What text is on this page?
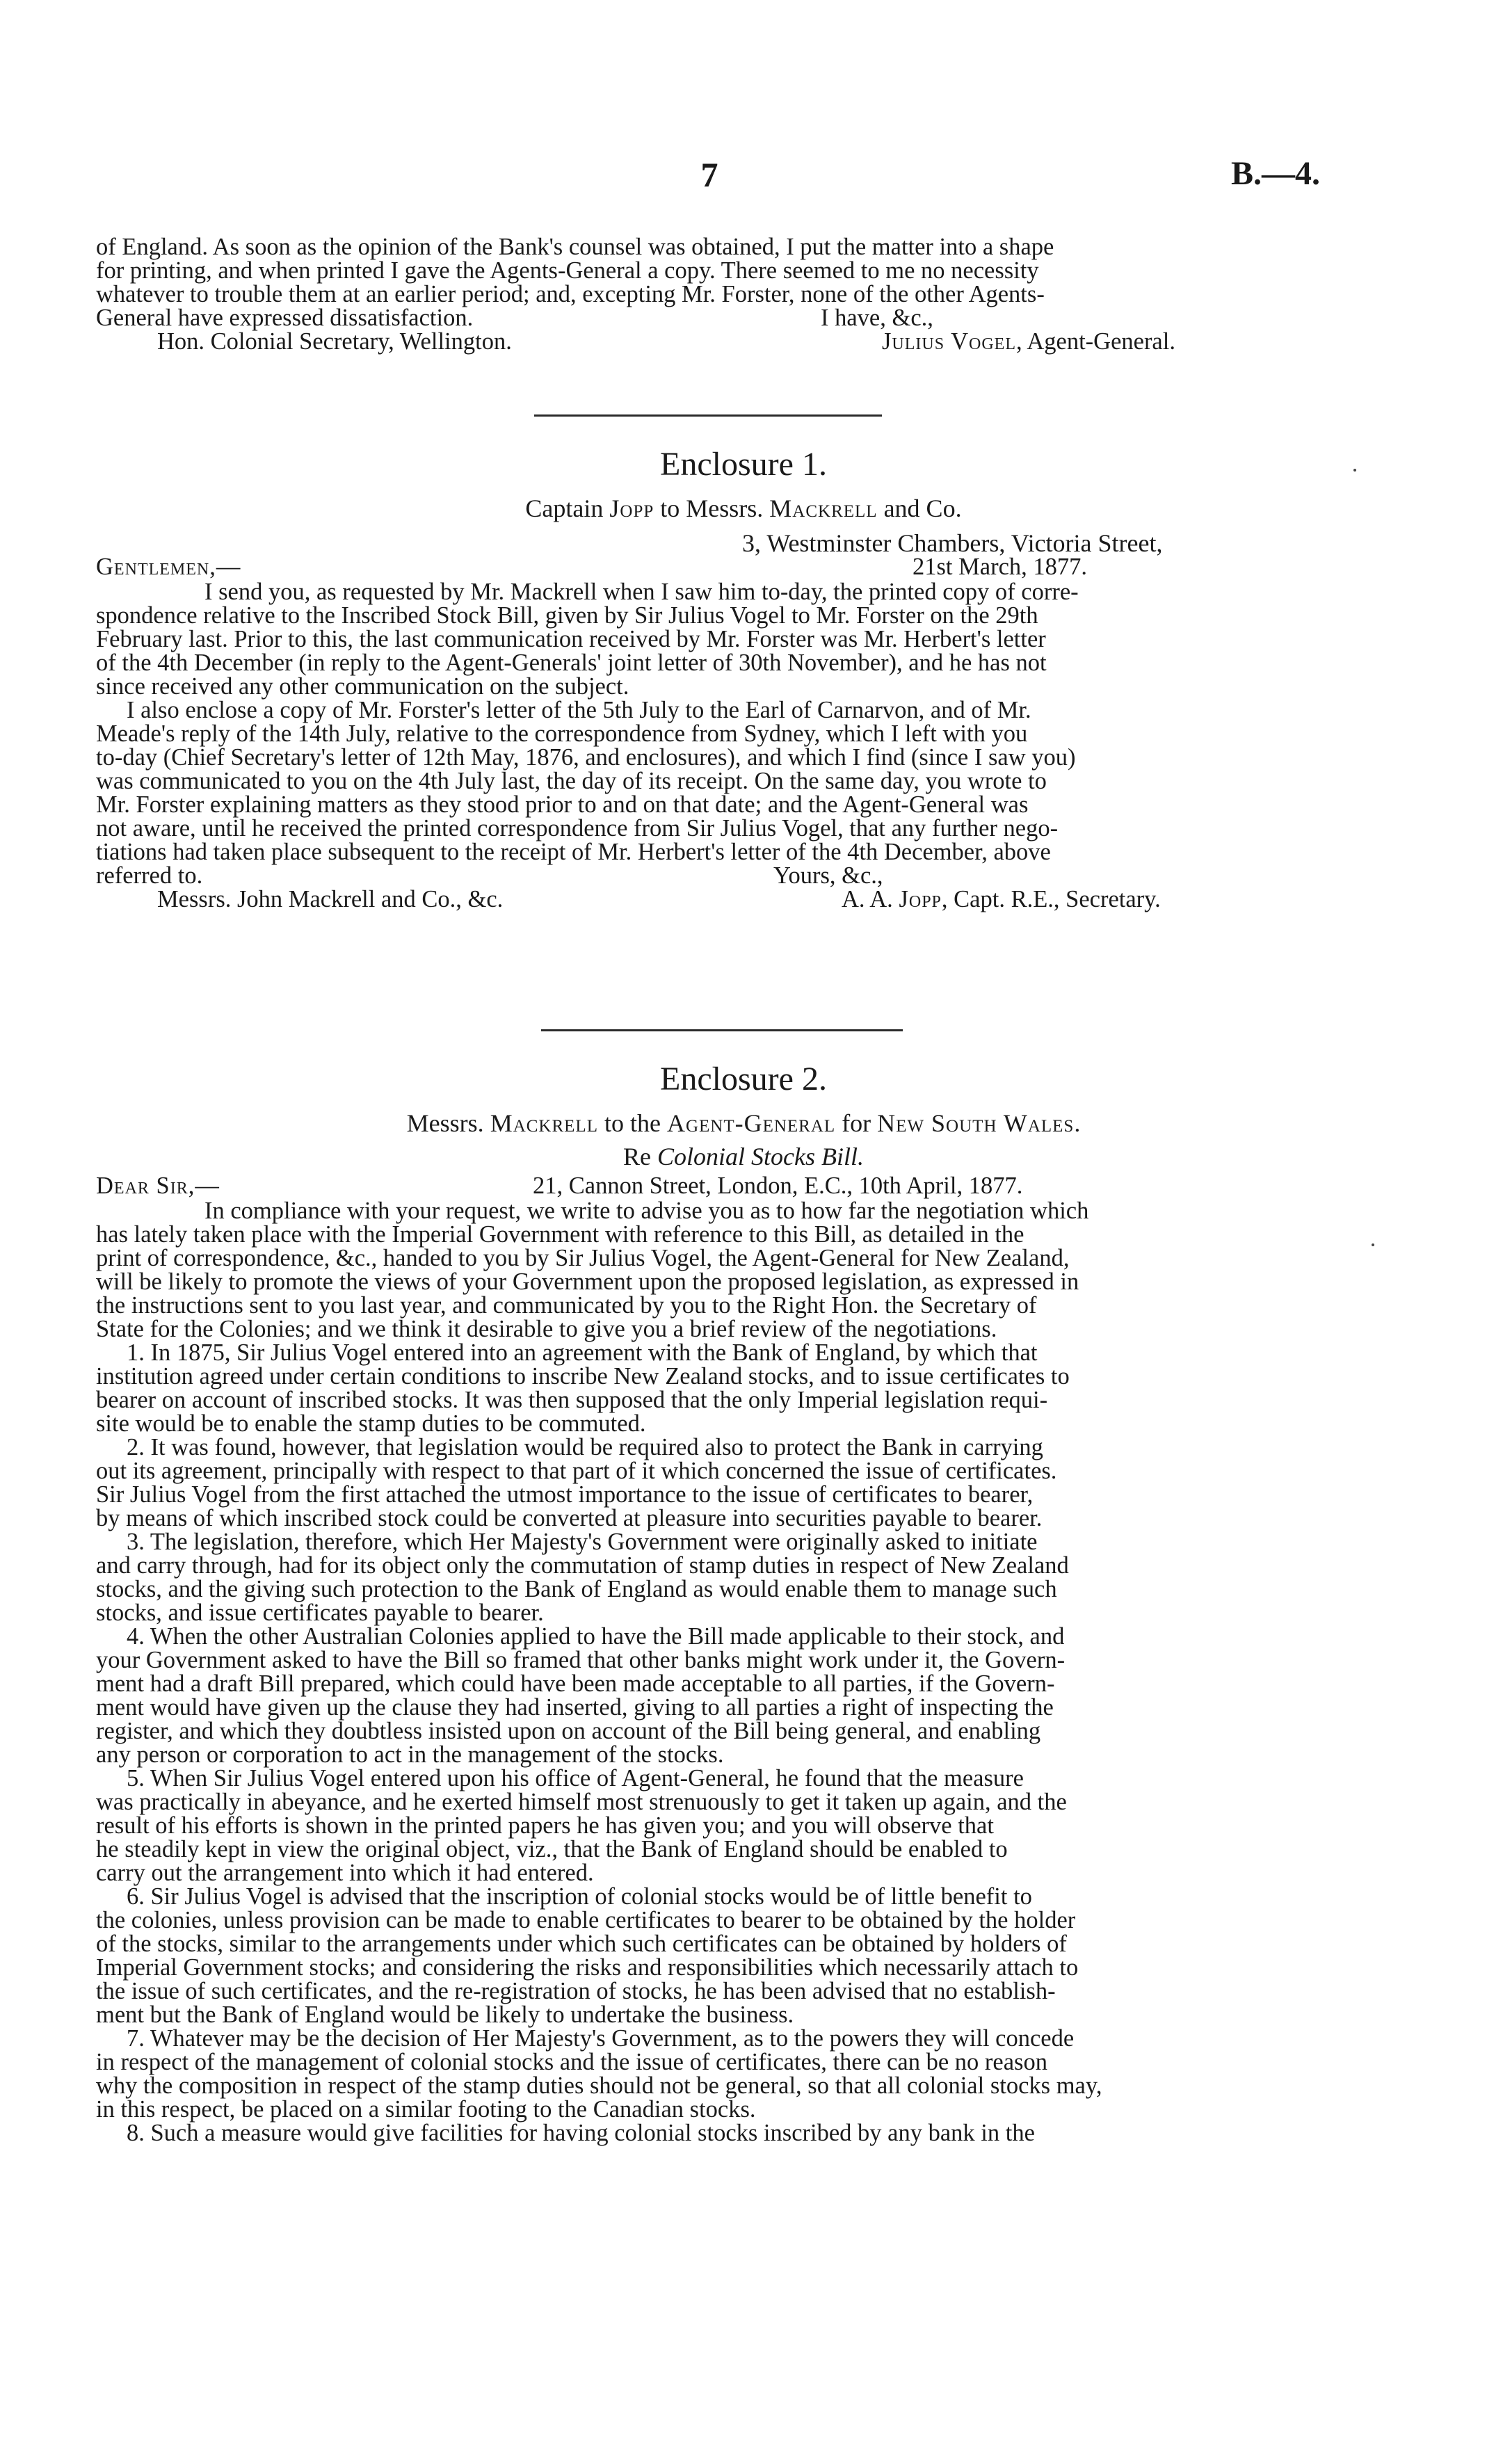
7	B.—4.

of England. As soon as the opinion of the Bank's counsel was obtained, I put the matter into a shape

for printing, and when printed I gave the Agents-General a copy. There seemed to me no necessity

whatever to trouble them at an earlier period; and, excepting Mr. Forster, none of the other Agents-

General have expressed dissatisfaction.	I have, &c.,
Hon. Colonial Secretary, Wellington.	Julius Vogel, Agent-General.
Enclosure 1.
Captain Jopp to Messrs. Mackrell and Co.
3, Westminster Chambers, Victoria Street,
Gentlemen,—	21st March, 1877.

I send you, as requested by Mr. Mackrell when I saw him to-day, the printed copy of corre-

spondence relative to the Inscribed Stock Bill, given by Sir Julius Vogel to Mr. Forster on the 29th

February last. Prior to this, the last communication received by Mr. Forster was Mr. Herbert's letter

of the 4th December (in reply to the Agent-Generals' joint letter of 30th November), and he has not

since received any other communication on the subject.

I also enclose a copy of Mr. Forster's letter of the 5th July to the Earl of Carnarvon, and of Mr.

Meade's reply of the 14th July, relative to the correspondence from Sydney, which I left with you

to-day (Chief Secretary's letter of 12th May, 1876, and enclosures), and which I find (since I saw you)

was communicated to you on the 4th July last, the day of its receipt. On the same day, you wrote to

Mr. Forster explaining matters as they stood prior to and on that date; and the Agent-General was

not aware, until he received the printed correspondence from Sir Julius Vogel, that any further nego-

tiations had taken place subsequent to the receipt of Mr. Herbert's letter of the 4th December, above

referred to.	Yours, &c.,
Messrs. John Mackrell and Co., &c.	A. A. Jopp, Capt. R.E., Secretary.
Enclosure 2.
Messrs. Mackrell to the Agent-General for New South Wales.
Re Colonial Stocks Bill.
Dear Sir,—	21, Cannon Street, London, E.C., 10th April, 1877.

In compliance with your request, we write to advise you as to how far the negotiation which

has lately taken place with the Imperial Government with reference to this Bill, as detailed in the

print of correspondence, &c., handed to you by Sir Julius Vogel, the Agent-General for New Zealand,

will be likely to promote the views of your Government upon the proposed legislation, as expressed in

the instructions sent to you last year, and communicated by you to the Right Hon. the Secretary of

State for the Colonies; and we think it desirable to give you a brief review of the negotiations.

1. In 1875, Sir Julius Vogel entered into an agreement with the Bank of England, by which that

institution agreed under certain conditions to inscribe New Zealand stocks, and to issue certificates to

bearer on account of inscribed stocks. It was then supposed that the only Imperial legislation requi-

site would be to enable the stamp duties to be commuted.

2. It was found, however, that legislation would be required also to protect the Bank in carrying

out its agreement, principally with respect to that part of it which concerned the issue of certificates.

Sir Julius Vogel from the first attached the utmost importance to the issue of certificates to bearer,

by means of which inscribed stock could be converted at pleasure into securities payable to bearer.

3. The legislation, therefore, which Her Majesty's Government were originally asked to initiate

and carry through, had for its object only the commutation of stamp duties in respect of New Zealand

stocks, and the giving such protection to the Bank of England as would enable them to manage such

stocks, and issue certificates payable to bearer.

4. When the other Australian Colonies applied to have the Bill made applicable to their stock, and

your Government asked to have the Bill so framed that other banks might work under it, the Govern-

ment had a draft Bill prepared, which could have been made acceptable to all parties, if the Govern-

ment would have given up the clause they had inserted, giving to all parties a right of inspecting the

register, and which they doubtless insisted upon on account of the Bill being general, and enabling

any person or corporation to act in the management of the stocks.

5. When Sir Julius Vogel entered upon his office of Agent-General, he found that the measure

was practically in abeyance, and he exerted himself most strenuously to get it taken up again, and the

result of his efforts is shown in the printed papers he has given you; and you will observe that

he steadily kept in view the original object, viz., that the Bank of England should be enabled to

carry out the arrangement into which it had entered.

6. Sir Julius Vogel is advised that the inscription of colonial stocks would be of little benefit to

the colonies, unless provision can be made to enable certificates to bearer to be obtained by the holder

of the stocks, similar to the arrangements under which such certificates can be obtained by holders of

Imperial Government stocks; and considering the risks and responsibilities which necessarily attach to

the issue of such certificates, and the re-registration of stocks, he has been advised that no establish-

ment but the Bank of England would be likely to undertake the business.

7. Whatever may be the decision of Her Majesty's Government, as to the powers they will concede

in respect of the management of colonial stocks and the issue of certificates, there can be no reason

why the composition in respect of the stamp duties should not be general, so that all colonial stocks may,

in this respect, be placed on a similar footing to the Canadian stocks.

8. Such a measure would give facilities for having colonial stocks inscribed by any bank in the
